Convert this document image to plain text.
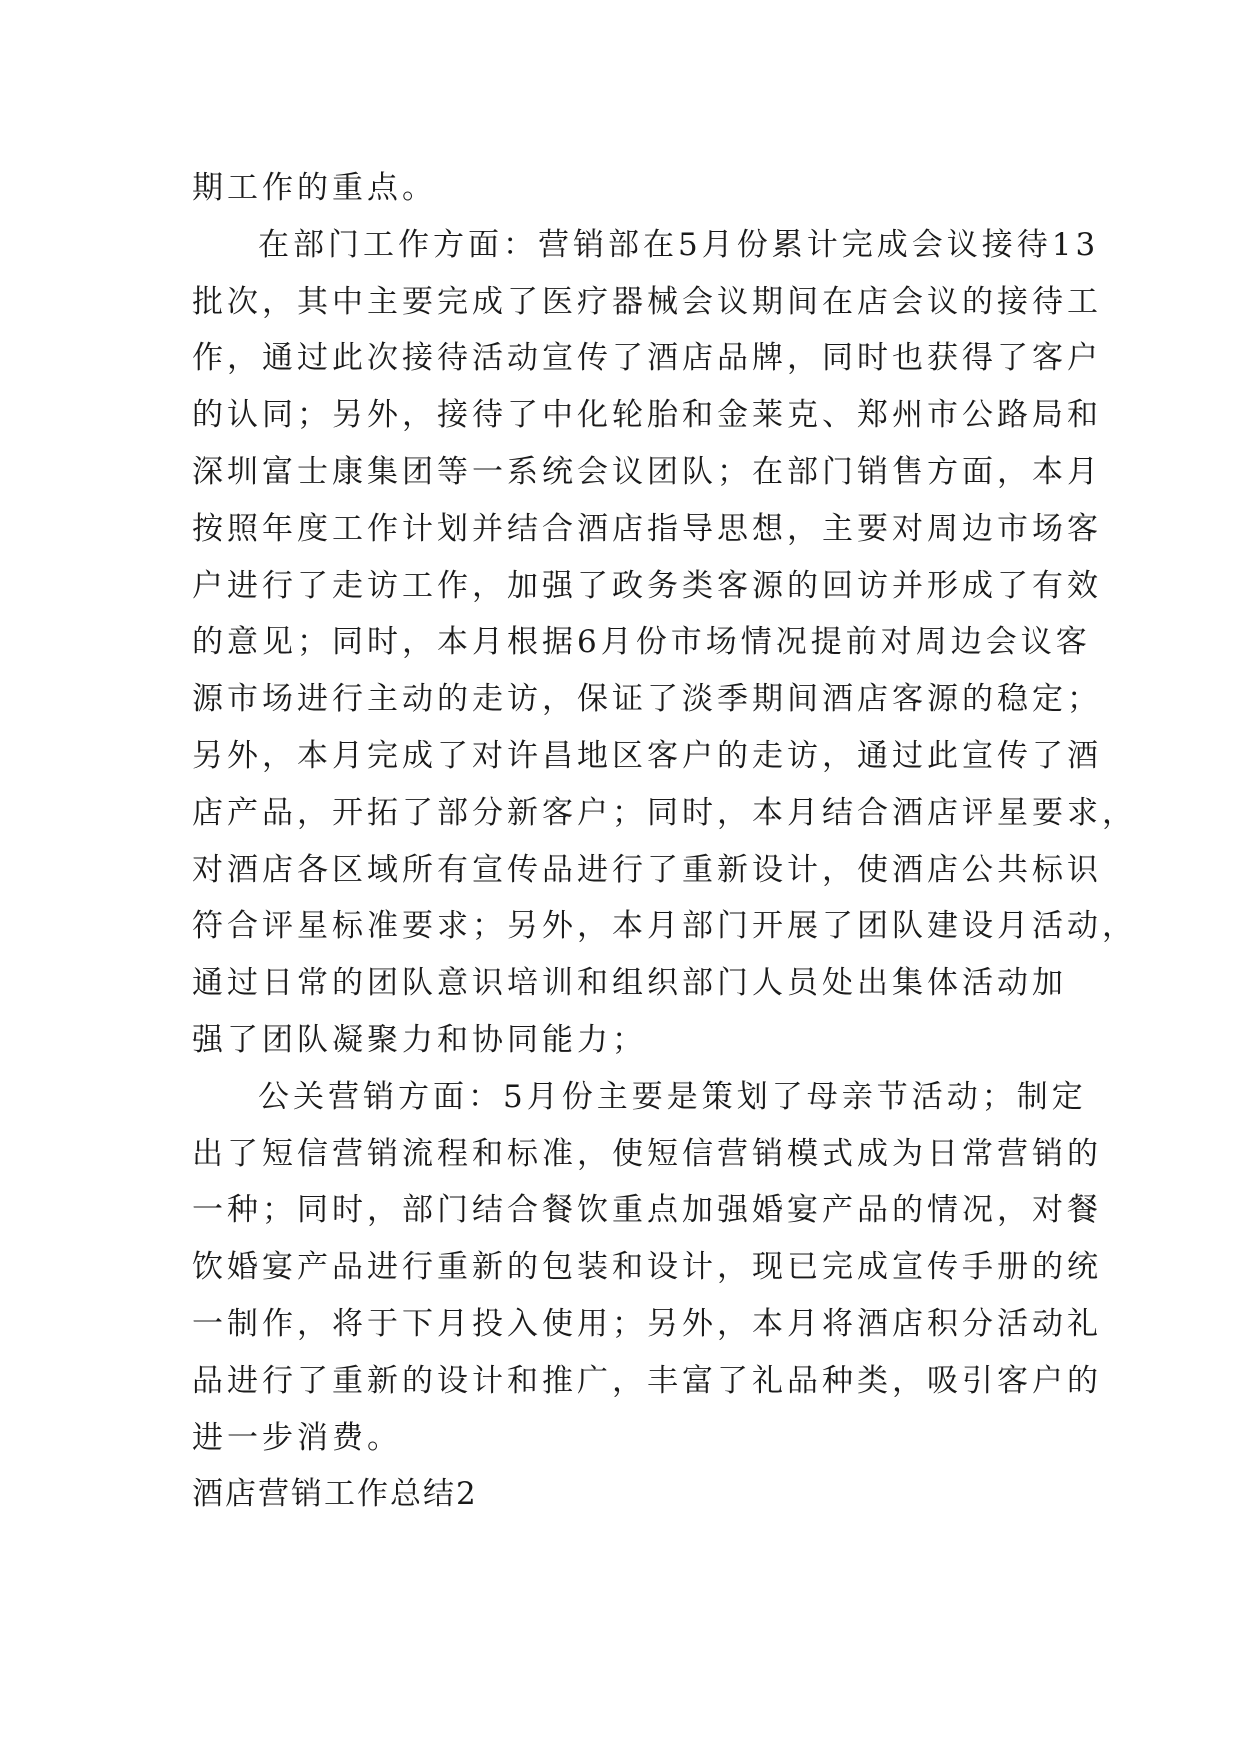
期工作的重点。
在部门工作方面：营销部在5月份累计完成会议接待13
批次，其中主要完成了医疗器械会议期间在店会议的接待工
作，通过此次接待活动宣传了酒店品牌，同时也获得了客户
的认同；另外，接待了中化轮胎和金莱克、郑州市公路局和
深圳富士康集团等一系统会议团队；在部门销售方面，本月
按照年度工作计划并结合酒店指导思想，主要对周边市场客
户进行了走访工作，加强了政务类客源的回访并形成了有效
的意见；同时，本月根据6月份市场情况提前对周边会议客
源市场进行主动的走访，保证了淡季期间酒店客源的稳定；
另外，本月完成了对许昌地区客户的走访，通过此宣传了酒
店产品，开拓了部分新客户；同时，本月结合酒店评星要求，
对酒店各区域所有宣传品进行了重新设计，使酒店公共标识
符合评星标准要求；另外，本月部门开展了团队建设月活动，
通过日常的团队意识培训和组织部门人员处出集体活动加
强了团队凝聚力和协同能力；
公关营销方面：5月份主要是策划了母亲节活动；制定
出了短信营销流程和标准，使短信营销模式成为日常营销的
一种；同时，部门结合餐饮重点加强婚宴产品的情况，对餐
饮婚宴产品进行重新的包装和设计，现已完成宣传手册的统
一制作，将于下月投入使用；另外，本月将酒店积分活动礼
品进行了重新的设计和推广，丰富了礼品种类，吸引客户的
进一步消费。
酒店营销工作总结2
